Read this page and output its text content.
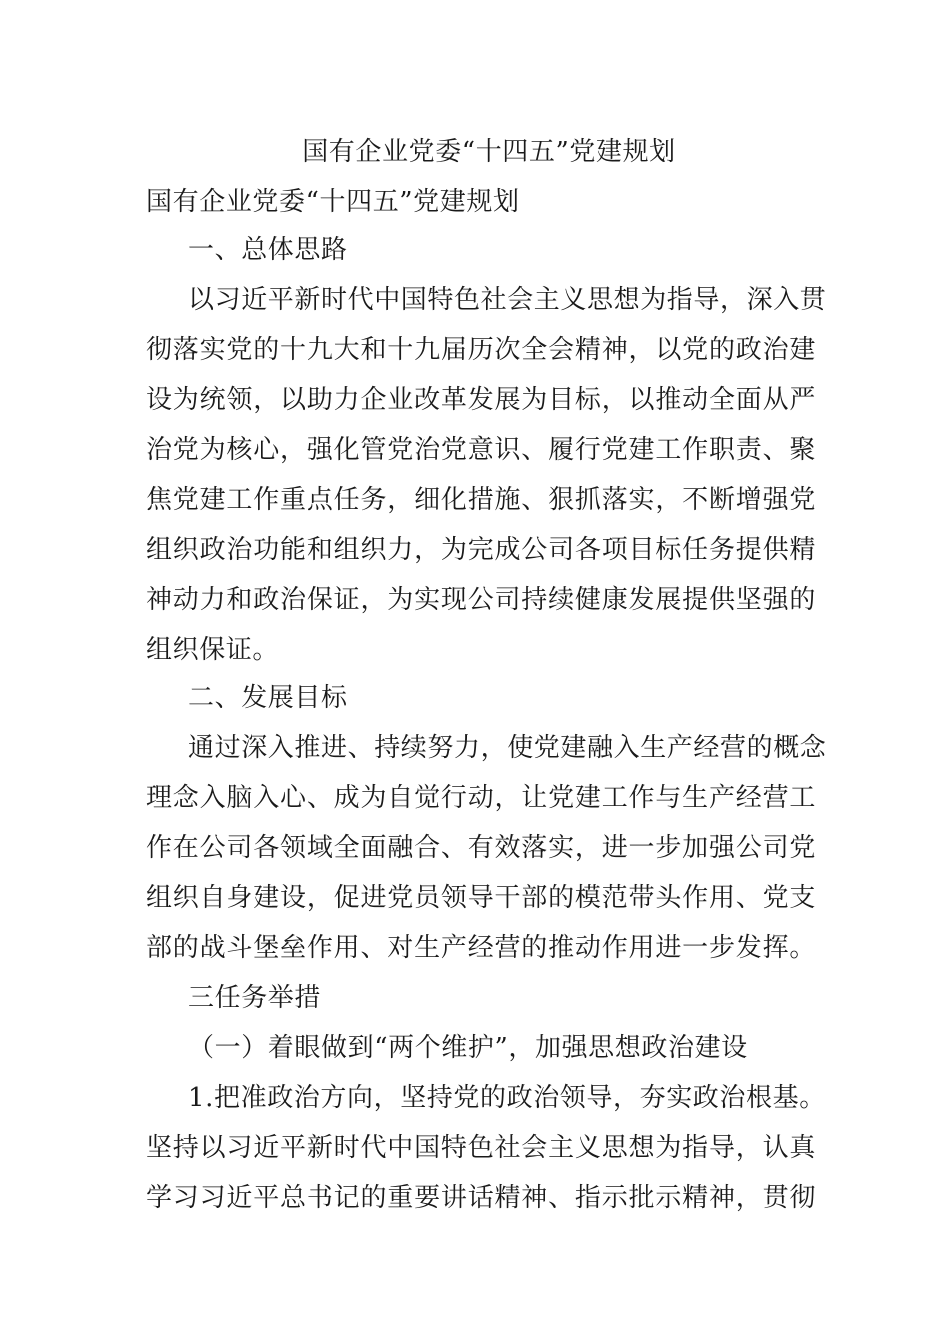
国有企业党委“十四五”党建规划
国有企业党委“十四五”党建规划
一、总体思路
以习近平新时代中国特色社会主义思想为指导，深入贯
彻落实党的十九大和十九届历次全会精神，以党的政治建
设为统领，以助力企业改革发展为目标，以推动全面从严
治党为核心，强化管党治党意识、履行党建工作职责、聚
焦党建工作重点任务，细化措施、狠抓落实，不断增强党
组织政治功能和组织力，为完成公司各项目标任务提供精
神动力和政治保证，为实现公司持续健康发展提供坚强的
组织保证。
二、发展目标
通过深入推进、持续努力，使党建融入生产经营的概念
理念入脑入心、成为自觉行动，让党建工作与生产经营工
作在公司各领域全面融合、有效落实，进一步加强公司党
组织自身建设，促进党员领导干部的模范带头作用、党支
部的战斗堡垒作用、对生产经营的推动作用进一步发挥。
三任务举措
（一）着眼做到“两个维护”，加强思想政治建设
1.把准政治方向，坚持党的政治领导，夯实政治根基。
坚持以习近平新时代中国特色社会主义思想为指导，认真
学习习近平总书记的重要讲话精神、指示批示精神，贯彻
